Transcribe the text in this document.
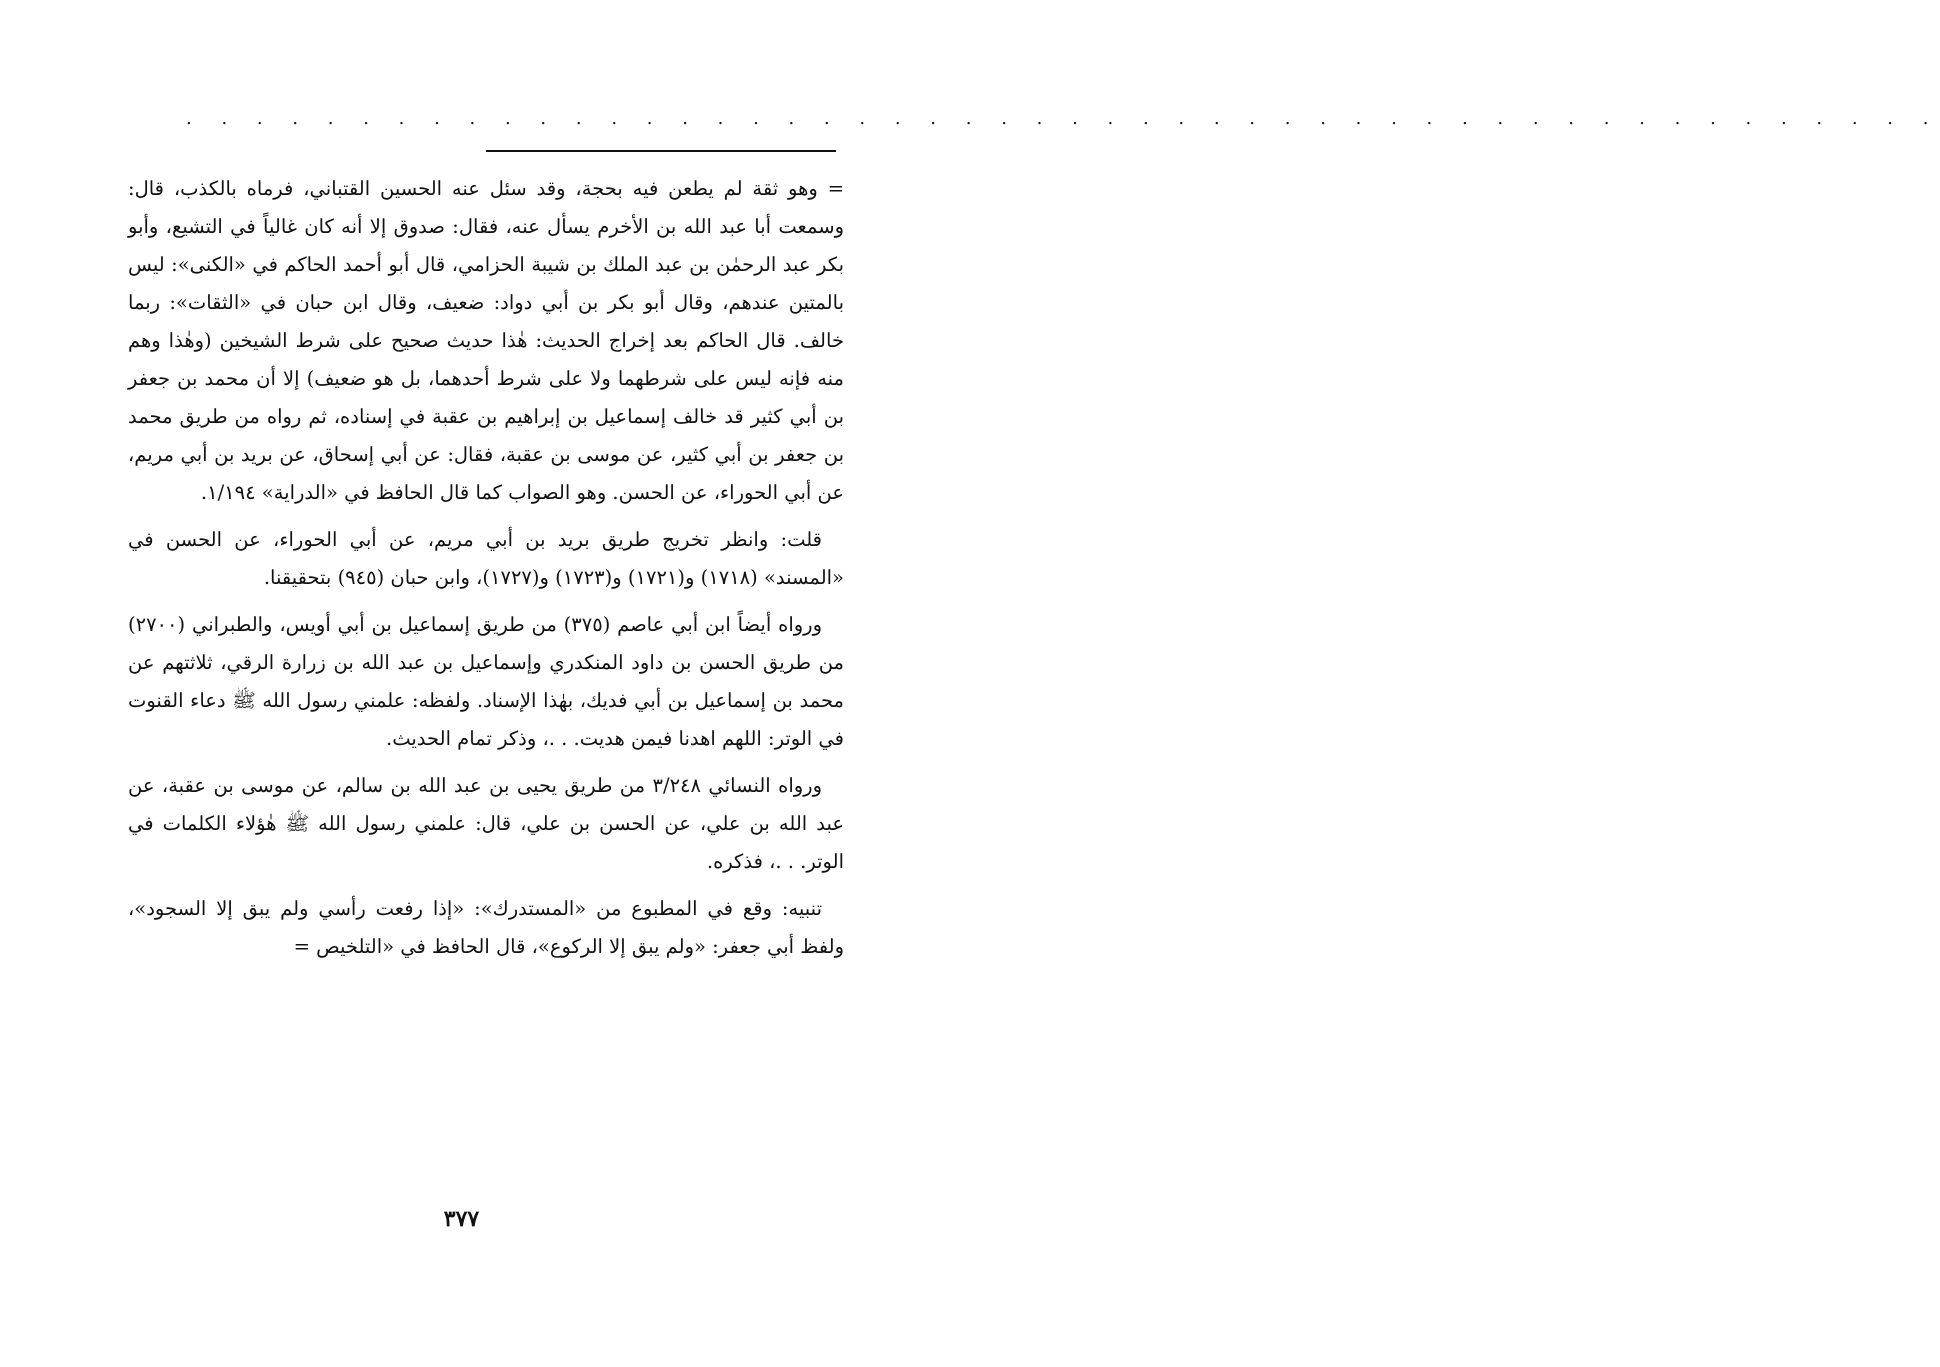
. . . . . . . . . . . . . . . . . . . . . . . . . . . . . . . . . . . . . . . . . . . . . . . . . .

= وهو ثقة لم يطعن فيه بحجة، وقد سئل عنه الحسين القتباني، فرماه بالكذب، قال: وسمعت أبا عبد الله بن الأخرم يسأل عنه، فقال: صدوق إلا أنه كان غالياً في التشيع، وأبو بكر عبد الرحمٰن بن عبد الملك بن شيبة الحزامي، قال أبو أحمد الحاكم في «الكنى»: ليس بالمتين عندهم، وقال أبو بكر بن أبي دواد: ضعيف، وقال ابن حبان في «الثقات»: ربما خالف. قال الحاكم بعد إخراج الحديث: هٰذا حديث صحيح على شرط الشيخين (وهٰذا وهم منه فإنه ليس على شرطهما ولا على شرط أحدهما، بل هو ضعيف) إلا أن محمد بن جعفر بن أبي كثير قد خالف إسماعيل بن إبراهيم بن عقبة في إسناده، ثم رواه من طريق محمد بن جعفر بن أبي كثير، عن موسى بن عقبة، فقال: عن أبي إسحاق، عن بريد بن أبي مريم، عن أبي الحوراء، عن الحسن. وهو الصواب كما قال الحافظ في «الدراية» ١/١٩٤.

قلت: وانظر تخريج طريق بريد بن أبي مريم، عن أبي الحوراء، عن الحسن في «المسند» (١٧١٨) و(١٧٢١) و(١٧٢٣) و(١٧٢٧)، وابن حبان (٩٤٥) بتحقيقنا.

ورواه أيضاً ابن أبي عاصم (٣٧٥) من طريق إسماعيل بن أبي أويس، والطبراني (٢٧٠٠) من طريق الحسن بن داود المنكدري وإسماعيل بن عبد الله بن زرارة الرقي، ثلاثتهم عن محمد بن إسماعيل بن أبي فديك، بهٰذا الإسناد. ولفظه: علمني رسول الله ﷺ دعاء القنوت في الوتر: اللهم اهدنا فيمن هديت. . .، وذكر تمام الحديث.

ورواه النسائي ٣/٢٤٨ من طريق يحيى بن عبد الله بن سالم، عن موسى بن عقبة، عن عبد الله بن علي، عن الحسن بن علي، قال: علمني رسول الله ﷺ هٰؤلاء الكلمات في الوتر. . .، فذكره.

تنبيه: وقع في المطبوع من «المستدرك»: «إذا رفعت رأسي ولم يبق إلا السجود»، ولفظ أبي جعفر: «ولم يبق إلا الركوع»، قال الحافظ في «التلخيص =

٣٧٧
